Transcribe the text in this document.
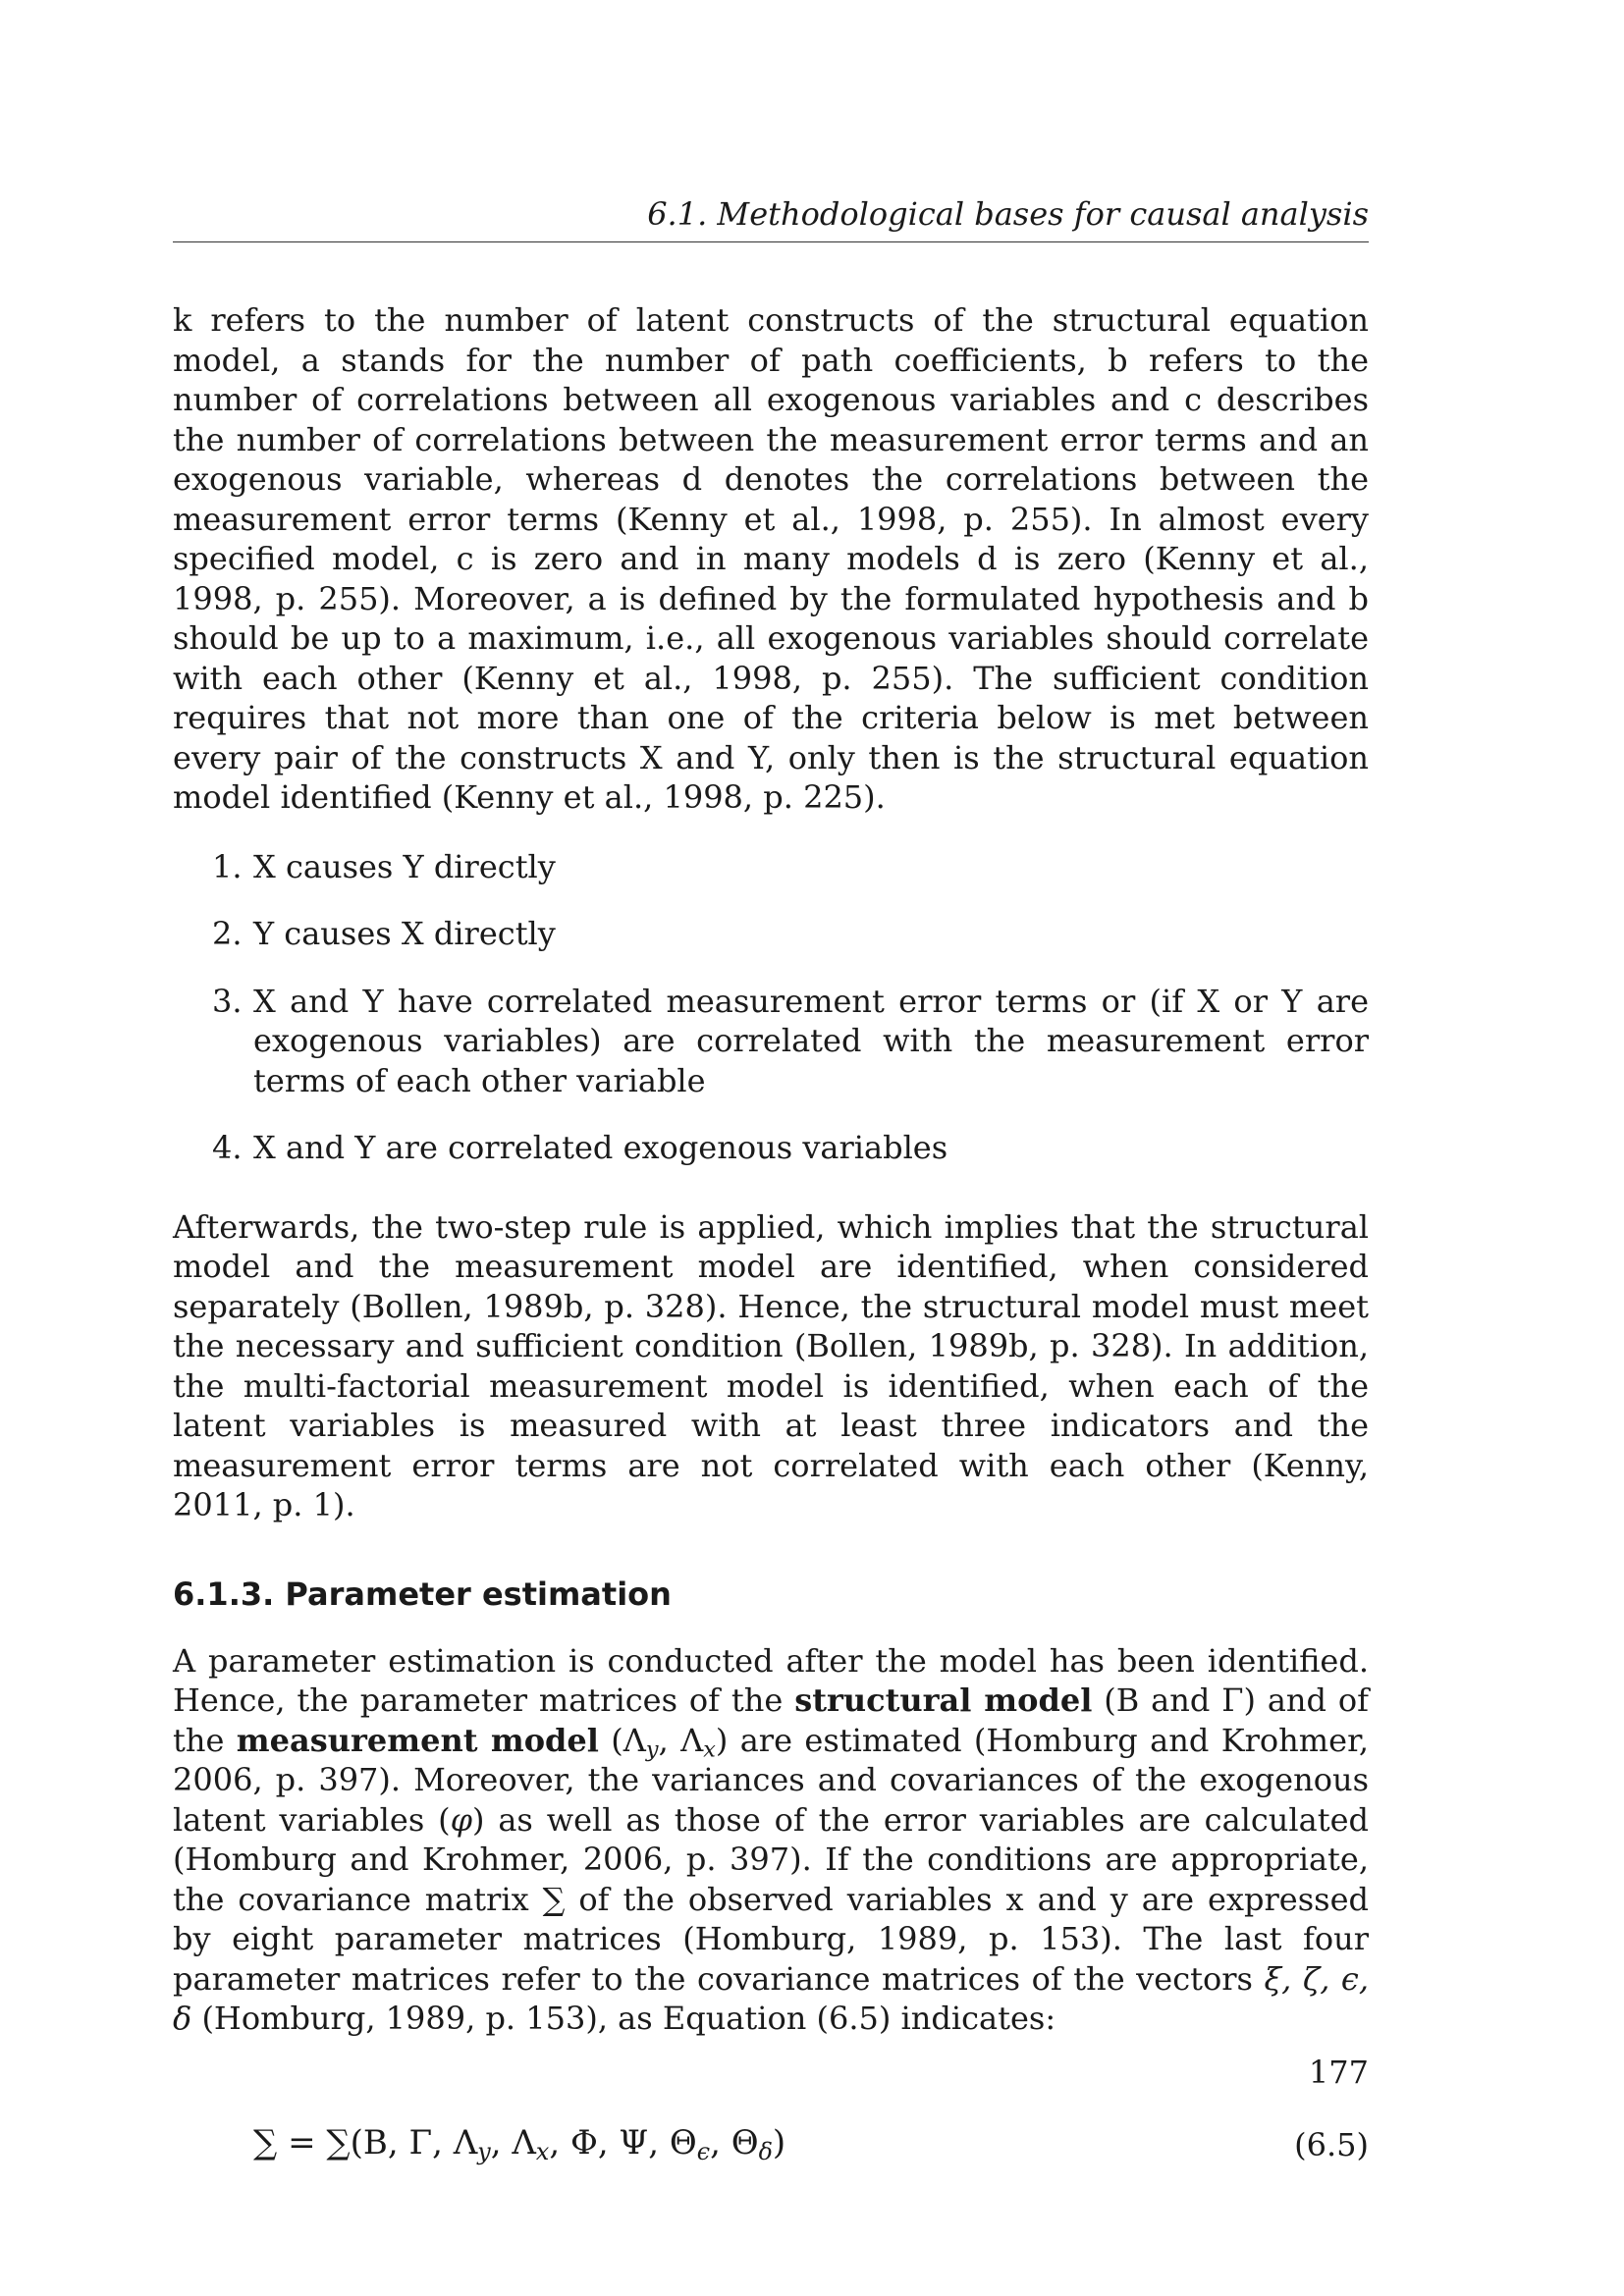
6.1. Methodological bases for causal analysis

k refers to the number of latent constructs of the structural equation model, a stands for the number of path coefficients, b refers to the number of correlations between all exogenous variables and c describes the number of correlations between the measurement error terms and an exogenous variable, whereas d denotes the correlations between the measurement error terms (Kenny et al., 1998, p. 255). In almost every specified model, c is zero and in many models d is zero (Kenny et al., 1998, p. 255). Moreover, a is defined by the formulated hypothesis and b should be up to a maximum, i.e., all exogenous variables should correlate with each other (Kenny et al., 1998, p. 255). The sufficient condition requires that not more than one of the criteria below is met between every pair of the constructs X and Y, only then is the structural equation model identified (Kenny et al., 1998, p. 225).

1. X causes Y directly
2. Y causes X directly
3. X and Y have correlated measurement error terms or (if X or Y are exogenous variables) are correlated with the measurement error terms of each other variable
4. X and Y are correlated exogenous variables

Afterwards, the two-step rule is applied, which implies that the structural model and the measurement model are identified, when considered separately (Bollen, 1989b, p. 328). Hence, the structural model must meet the necessary and sufficient condition (Bollen, 1989b, p. 328). In addition, the multi-factorial measurement model is identified, when each of the latent variables is measured with at least three indicators and the measurement error terms are not correlated with each other (Kenny, 2011, p. 1).

6.1.3. Parameter estimation

A parameter estimation is conducted after the model has been identified. Hence, the parameter matrices of the structural model (B and Γ) and of the measurement model ($\Lambda_y$, $\Lambda_x$) are estimated (Homburg and Krohmer, 2006, p. 397). Moreover, the variances and covariances of the exogenous latent variables (φ) as well as those of the error variables are calculated (Homburg and Krohmer, 2006, p. 397). If the conditions are appropriate, the covariance matrix ∑ of the observed variables x and y are expressed by eight parameter matrices (Homburg, 1989, p. 153). The last four parameter matrices refer to the covariance matrices of the vectors ξ, ζ, ϵ, δ (Homburg, 1989, p. 153), as Equation (6.5) indicates:

∑ = ∑(B, Γ, $\Lambda_y$, $\Lambda_x$, Φ, Ψ, $\Theta_\epsilon$, $\Theta_\delta$)	(6.5)
177
